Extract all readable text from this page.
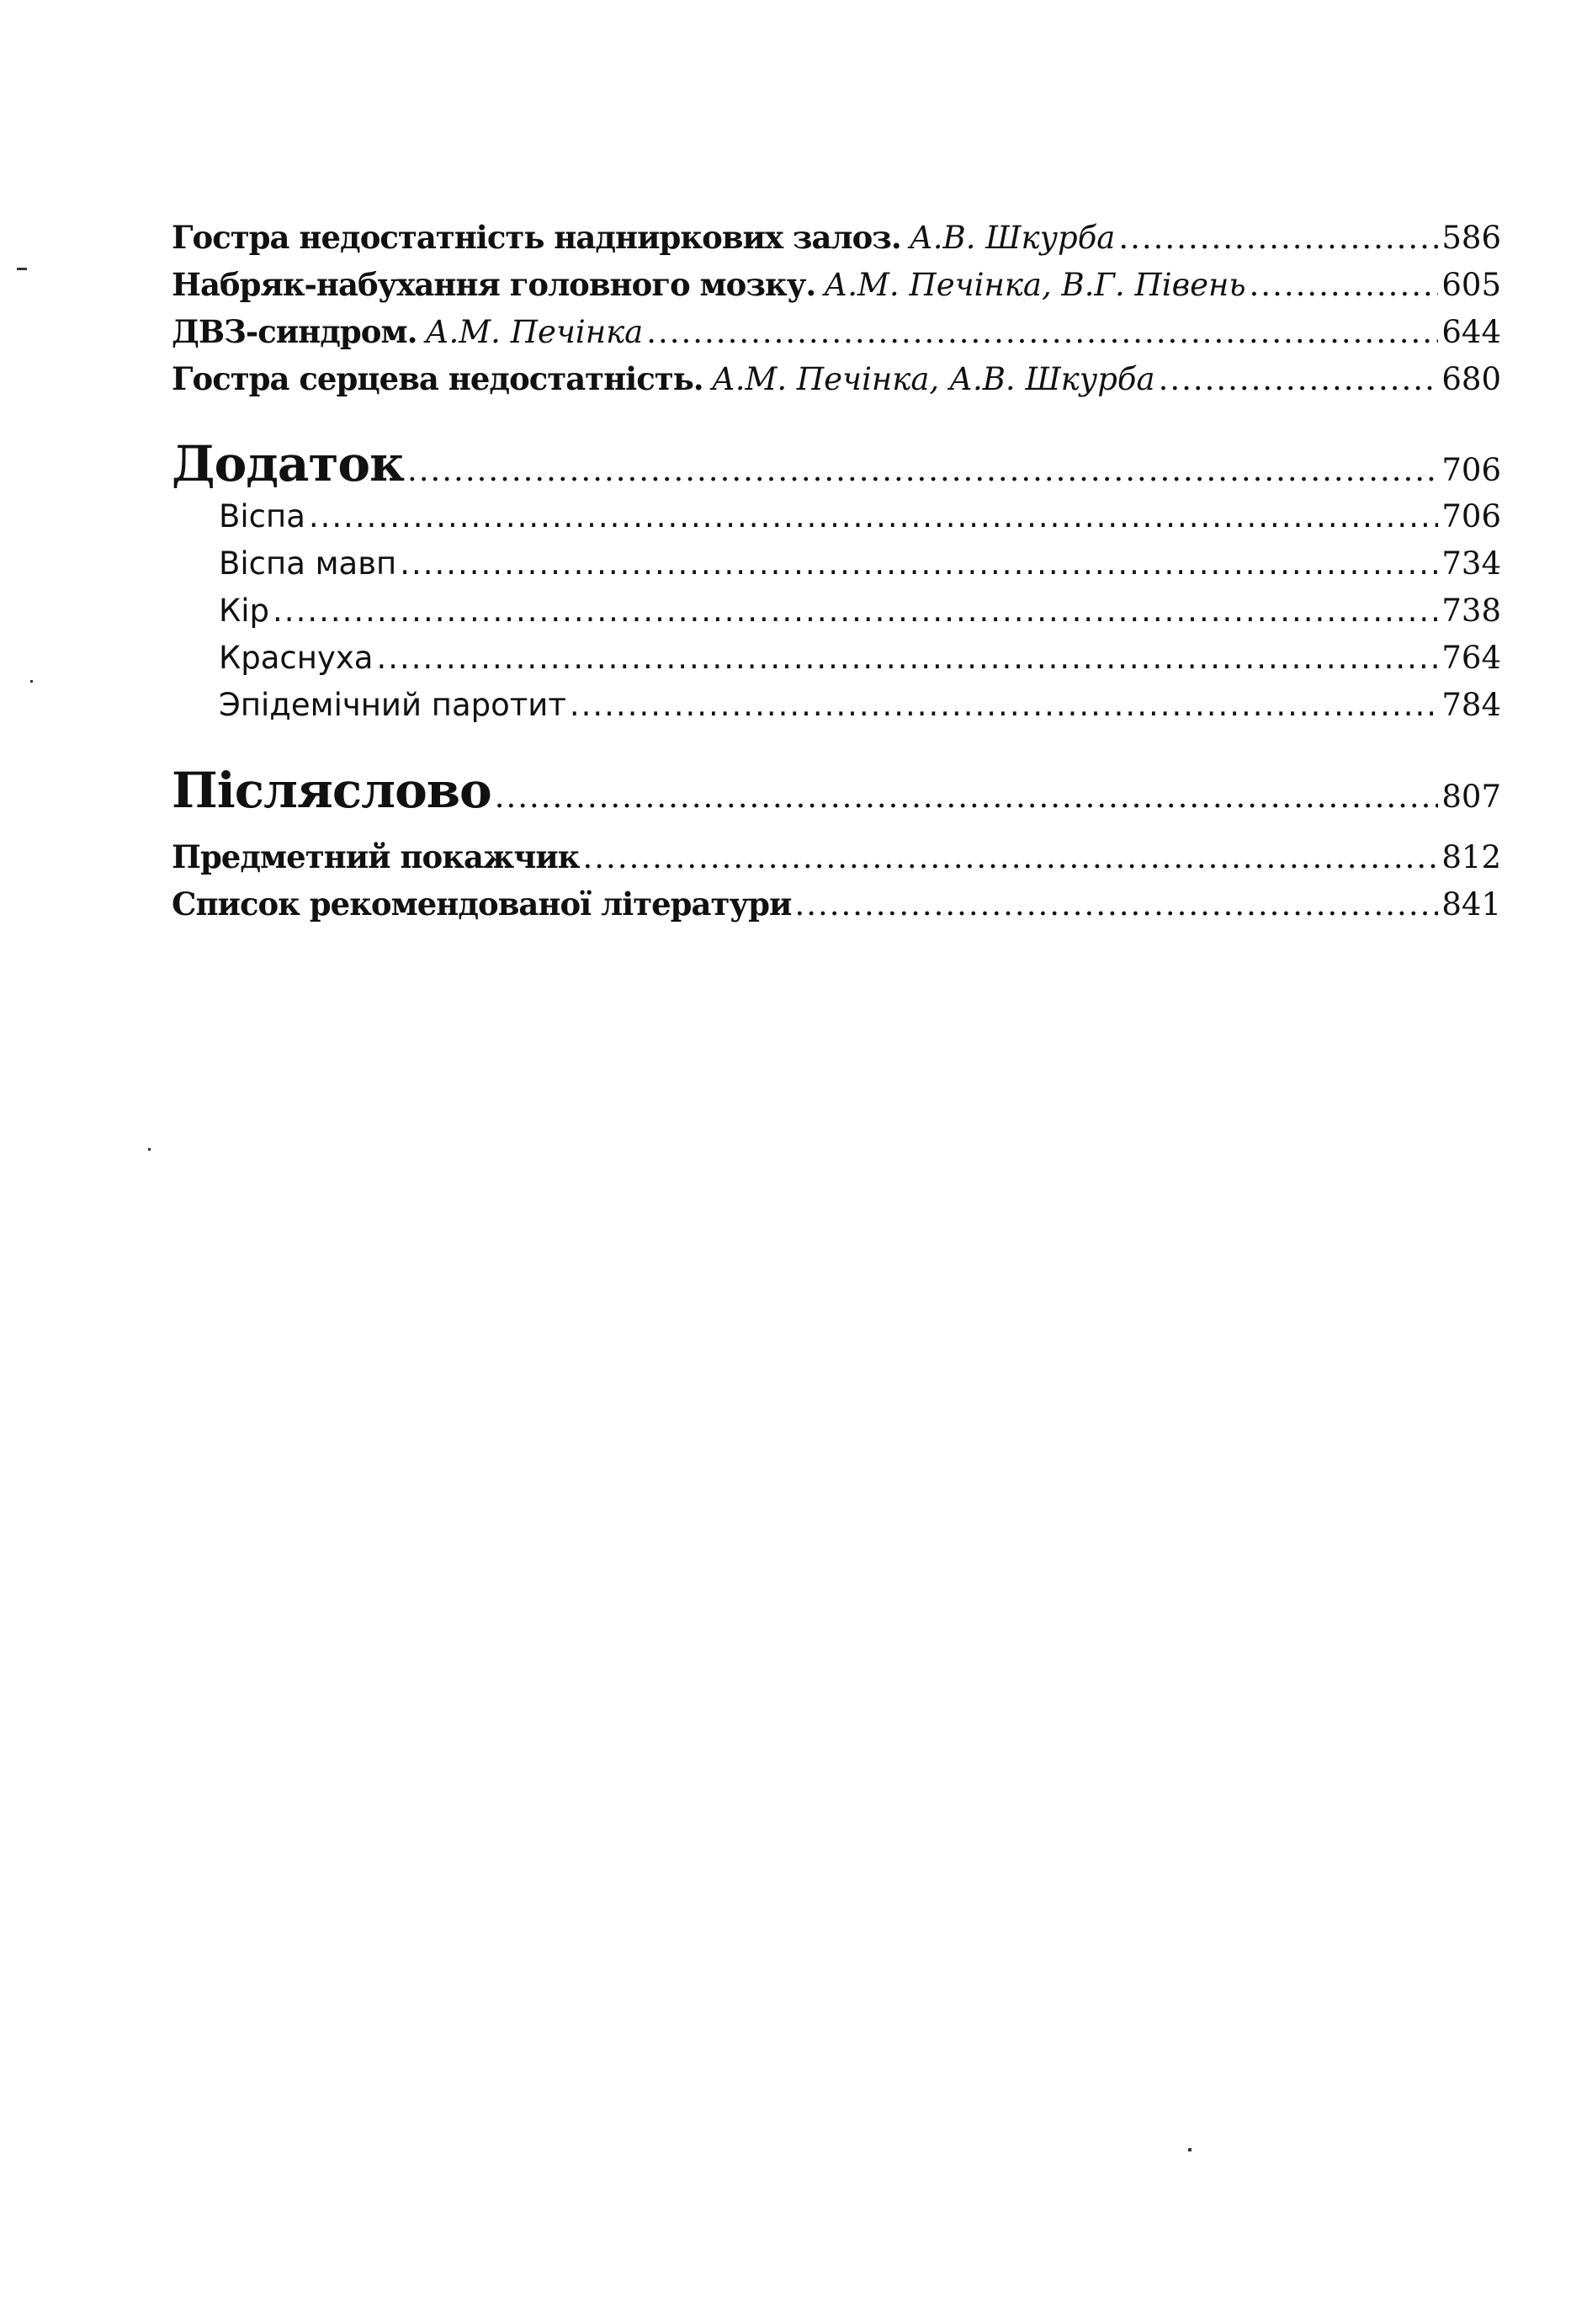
Гостра недостатність надниркових залоз. А.В. Шкурба .....	586
Набряк-набухання головного мозку. А.М. Печінка, В.Г. Півень .....	605
ДВЗ-синдром. А.М. Печінка .....	644
Гостра серцева недостатність. А.М. Печінка, А.В. Шкурба .....	680
Додаток .....	706
Віспа .....	706
Віспа мавп .....	734
Кір .....	738
Краснуха .....	764
Эпідемічний паротит .....	784
Післяслово .....	807
Предметний покажчик .....	812
Список рекомендованої літератури .....	841
